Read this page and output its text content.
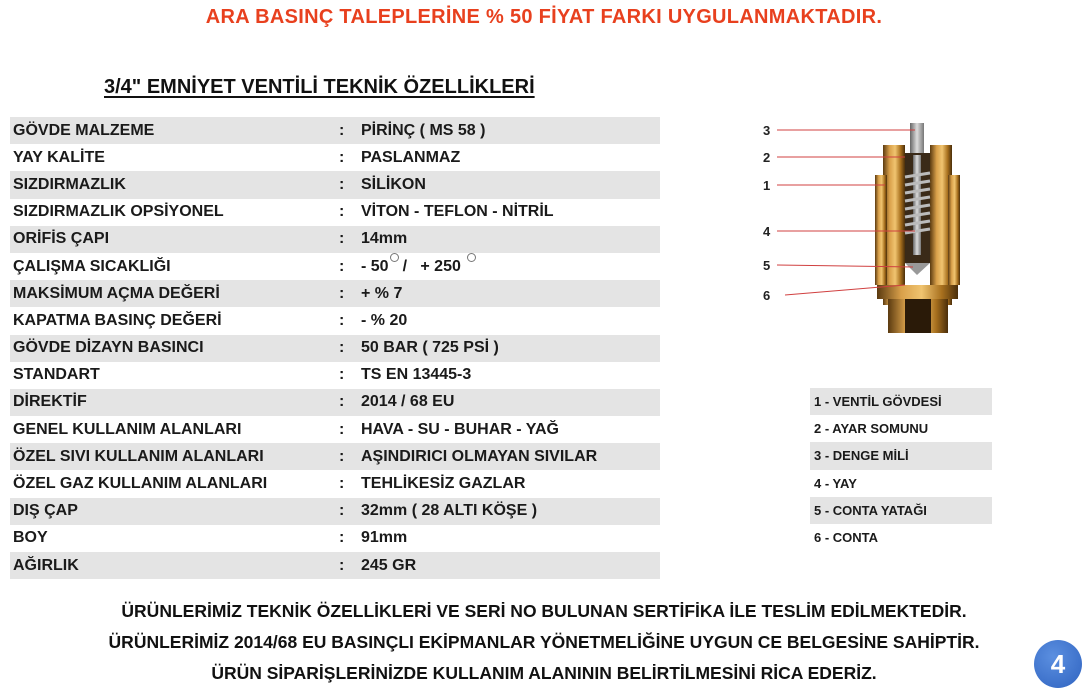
ARA BASINÇ TALEPLERİNE % 50 FİYAT FARKI UYGULANMAKTADIR.
3/4" EMNİYET VENTİLİ TEKNİK ÖZELLİKLERİ
GÖVDE MALZEME	:	PİRİNÇ ( MS 58 )
YAY KALİTE	:	PASLANMAZ
SIZDIRMAZLIK	:	SİLİKON
SIZDIRMAZLIK OPSİYONEL	:	VİTON - TEFLON - NİTRİL
ORİFİS ÇAPI	:	14mm
ÇALIŞMA SICAKLIĞI	:	- 50 / + 250
MAKSİMUM AÇMA DEĞERİ	:	+ % 7
KAPATMA BASINÇ DEĞERİ	:	- % 20
GÖVDE DİZAYN BASINCI	:	50 BAR ( 725 PSİ )
STANDART	:	TS EN 13445-3
DİREKTİF	:	2014 / 68 EU
GENEL KULLANIM ALANLARI	:	HAVA - SU - BUHAR - YAĞ
ÖZEL SIVI KULLANIM ALANLARI	:	AŞINDIRICI OLMAYAN SIVILAR
ÖZEL GAZ KULLANIM ALANLARI	:	TEHLİKESİZ GAZLAR
DIŞ ÇAP	:	32mm ( 28 ALTI KÖŞE )
BOY	:	91mm
AĞIRLIK	:	245 GR
3
2
1
4
5
6
1 - VENTİL GÖVDESİ
2 - AYAR SOMUNU
3 - DENGE MİLİ
4 - YAY
5 - CONTA YATAĞI
6 - CONTA
ÜRÜNLERİMİZ TEKNİK ÖZELLİKLERİ VE SERİ NO BULUNAN SERTİFİKA İLE TESLİM EDİLMEKTEDİR.
ÜRÜNLERİMİZ 2014/68 EU BASINÇLI EKİPMANLAR YÖNETMELİĞİNE UYGUN CE BELGESİNE SAHİPTİR.
ÜRÜN SİPARİŞLERİNİZDE KULLANIM ALANININ BELİRTİLMESİNİ RİCA EDERİZ.	4
